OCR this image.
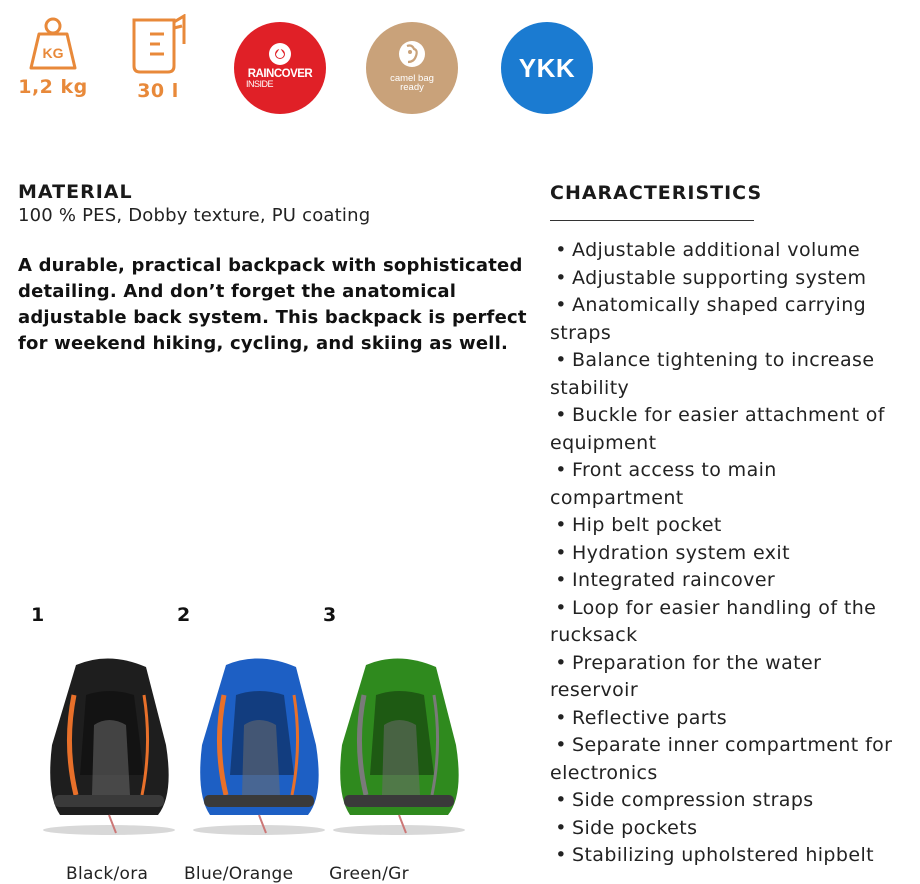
KG
1,2 kg	30 l
RAINCOVER
INSIDE	camel bag
ready
YKK
MATERIAL
100 % PES, Dobby texture, PU coating
A durable, practical backpack with sophisticated detailing. And don’t forget the anatomical adjustable back system. This backpack is perfect for weekend hiking, cycling, and skiing as well.
CHARACTERISTICS
• Adjustable additional volume
• Adjustable supporting system
• Anatomically shaped carrying straps
• Balance tightening to increase stability
• Buckle for easier attachment of equipment
• Front access to main compartment
• Hip belt pocket
• Hydration system exit
• Integrated raincover
• Loop for easier handling of the rucksack
• Preparation for the water reservoir
• Reflective parts
• Separate inner compartment for electronics
• Side compression straps
• Side pockets
• Stabilizing upholstered hipbelt
1	2	3
Black/ora Blue/Orange Green/Gr
